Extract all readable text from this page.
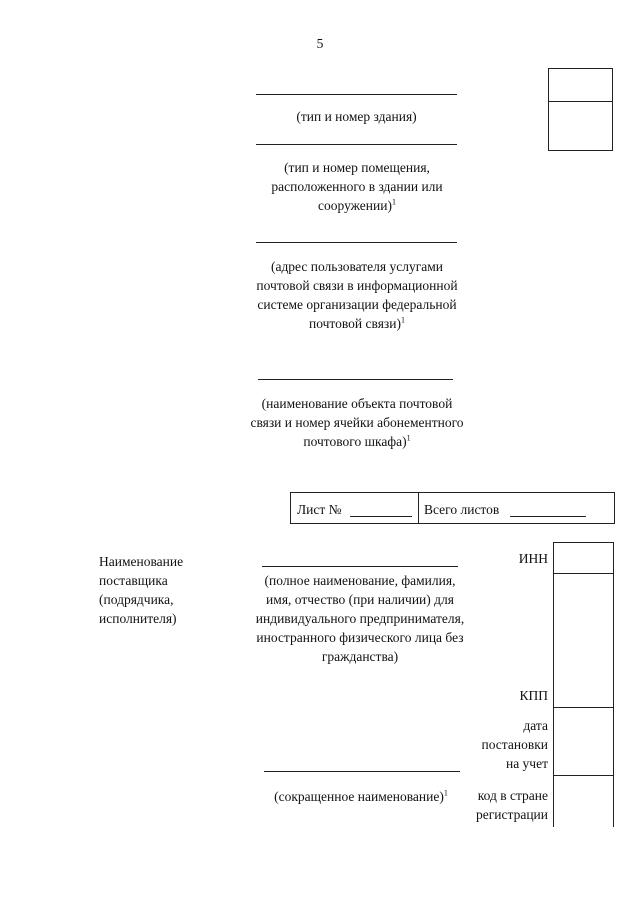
5
(тип и номер здания)
(тип и номер помещения, расположенного в здании или сооружении)$^1$
(адрес пользователя услугами почтовой связи в информационной системе организации федеральной почтовой связи)$^1$
(наименование объекта почтовой связи и номер ячейки абонементного почтового шкафа)$^1$
Лист №	Всего листов
Наименование поставщика (подрядчика, исполнителя)
(полное наименование, фамилия, имя, отчество (при наличии) для индивидуального предпринимателя, иностранного физического лица без гражданства)
(сокращенное наименование)$^1$
ИНН
КПП
дата постановки на учет
код в стране регистрации
